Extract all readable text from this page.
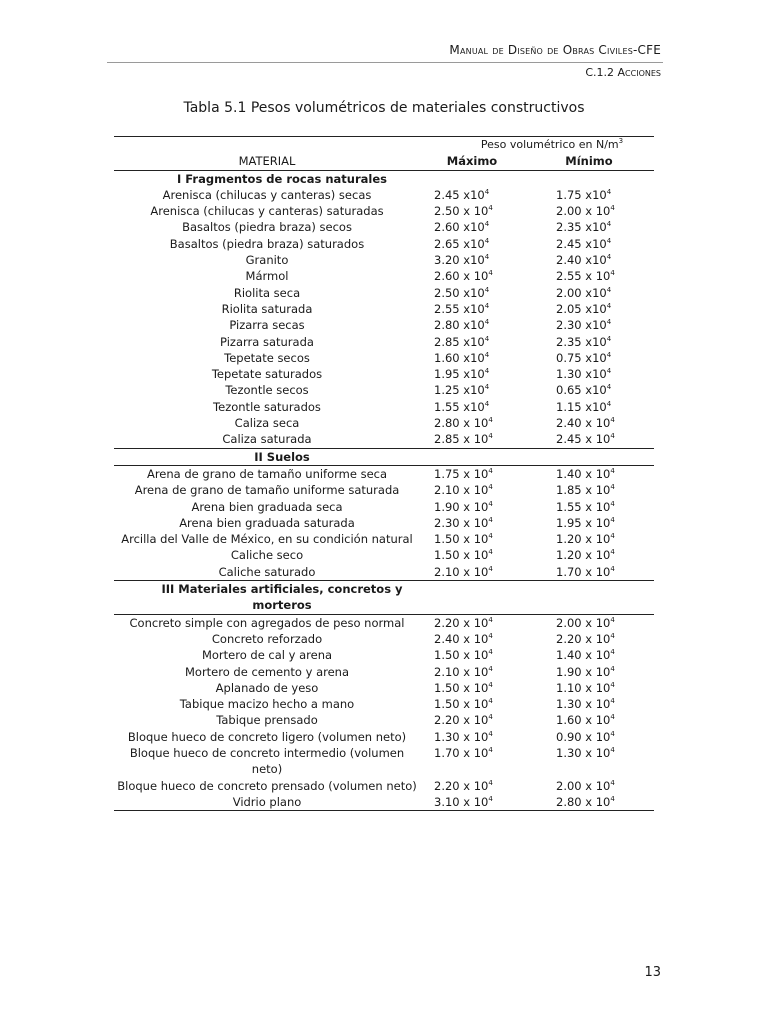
Manual de Diseño de Obras Civiles-CFE
C.1.2 Acciones
Tabla 5.1 Pesos volumétricos de materiales constructivos
	Peso volumétrico en $N/m^3$
MATERIAL	Máximo	Mínimo
I Fragmentos de rocas naturales		
Arenisca (chilucas y canteras) secas	2.45 $x10^4$	1.75 $x10^4$
Arenisca (chilucas y canteras) saturadas	2.50 x $10^4$	2.00 x $10^4$
Basaltos (piedra braza) secos	2.60 $x10^4$	2.35 $x10^4$
Basaltos (piedra braza) saturados	2.65 $x10^4$	2.45 $x10^4$
Granito	3.20 $x10^4$	2.40 $x10^4$
Mármol	2.60 x $10^4$	2.55 x $10^4$
Riolita seca	2.50 $x10^4$	2.00 $x10^4$
Riolita saturada	2.55 $x10^4$	2.05 $x10^4$
Pizarra secas	2.80 $x10^4$	2.30 $x10^4$
Pizarra saturada	2.85 $x10^4$	2.35 $x10^4$
Tepetate secos	1.60 $x10^4$	0.75 $x10^4$
Tepetate saturados	1.95 $x10^4$	1.30 $x10^4$
Tezontle secos	1.25 $x10^4$	0.65 $x10^4$
Tezontle saturados	1.55 $x10^4$	1.15 $x10^4$
Caliza seca	2.80 x $10^4$	2.40 x $10^4$
Caliza saturada	2.85 x $10^4$	2.45 x $10^4$
II Suelos		
Arena de grano de tamaño uniforme seca	1.75 x $10^4$	1.40 x $10^4$
Arena de grano de tamaño uniforme saturada	2.10 x $10^4$	1.85 x $10^4$
Arena bien graduada seca	1.90 x $10^4$	1.55 x $10^4$
Arena bien graduada saturada	2.30 x $10^4$	1.95 x $10^4$
Arcilla del Valle de México, en su condición natural	1.50 x $10^4$	1.20 x $10^4$
Caliche seco	1.50 x $10^4$	1.20 x $10^4$
Caliche saturado	2.10 x $10^4$	1.70 x $10^4$
III Materiales artificiales, concretos y morteros		
Concreto simple con agregados de peso normal	2.20 x $10^4$	2.00 x $10^4$
Concreto reforzado	2.40 x $10^4$	2.20 x $10^4$
Mortero de cal y arena	1.50 x $10^4$	1.40 x $10^4$
Mortero de cemento y arena	2.10 x $10^4$	1.90 x $10^4$
Aplanado de yeso	1.50 x $10^4$	1.10 x $10^4$
Tabique macizo hecho a mano	1.50 x $10^4$	1.30 x $10^4$
Tabique prensado	2.20 x $10^4$	1.60 x $10^4$
Bloque hueco de concreto ligero (volumen neto)	1.30 x $10^4$	0.90 x $10^4$
Bloque hueco de concreto intermedio (volumen neto)	1.70 x $10^4$	1.30 x $10^4$
Bloque hueco de concreto prensado (volumen neto)	2.20 x $10^4$	2.00 x $10^4$
Vidrio plano	3.10 x $10^4$	2.80 x $10^4$
13
